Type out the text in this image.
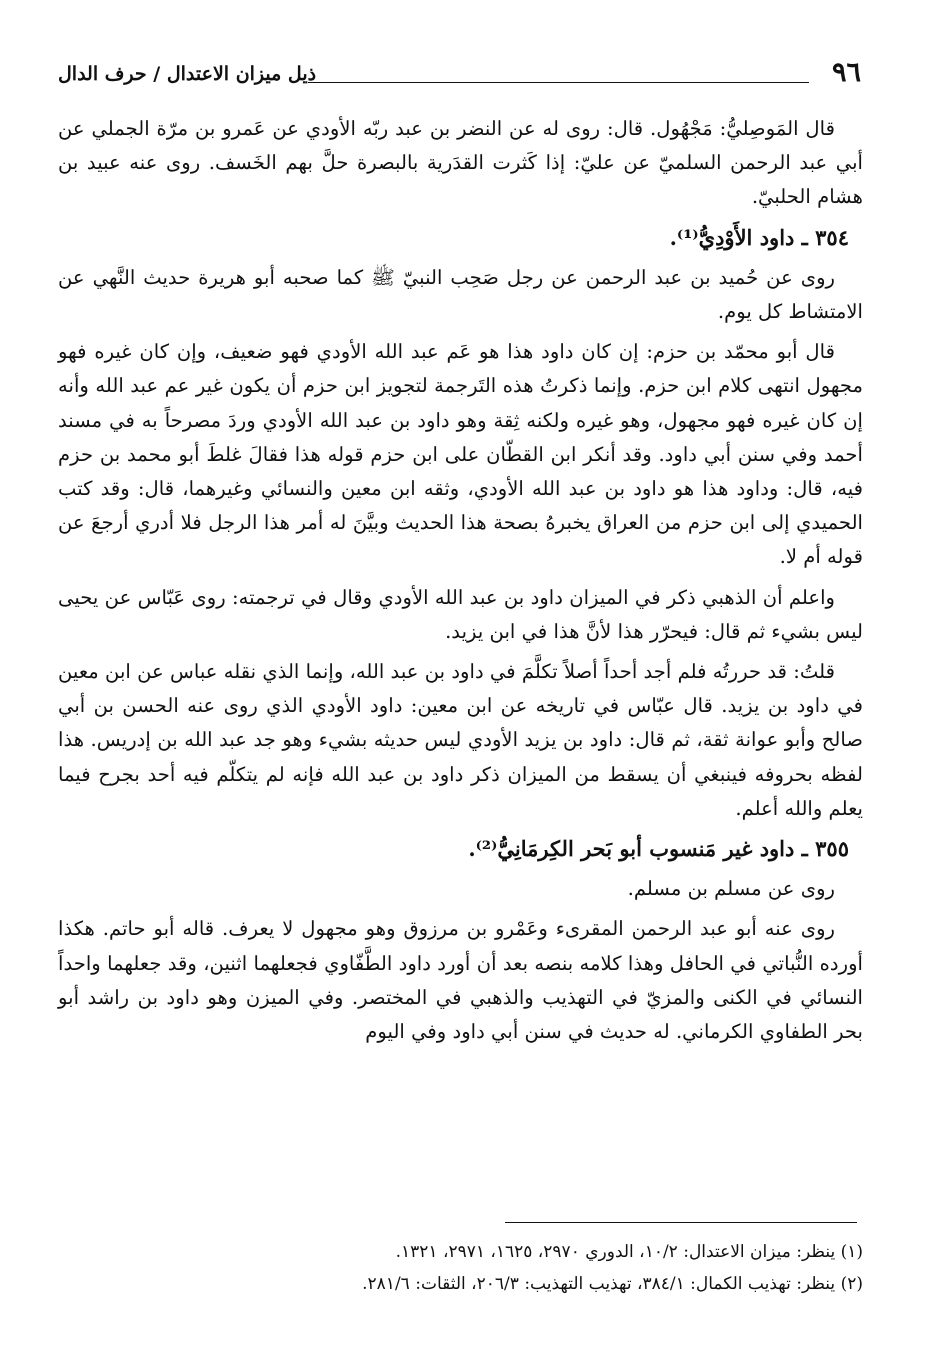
٩٦
ذيل ميزان الاعتدال / حرف الدال

قال المَوصِليُّ: مَجْهُول. قال: روى له عن النضر بن عبد ربّه الأودي عن عَمرو بن مرّة الجملي عن أبي عبد الرحمن السلميّ عن عليّ: إذا كَثرت القدَرية بالبصرة حلَّ بهم الخَسف. روى عنه عبيد بن هشام الحلبيّ.

٣٥٤ ـ داود الأَوْدِيُّ⁽¹⁾.

روى عن حُميد بن عبد الرحمن عن رجل صَحِب النبيّ ﷺ كما صحبه أبو هريرة حديث النَّهي عن الامتشاط كل يوم.

قال أبو محمّد بن حزم: إن كان داود هذا هو عَم عبد الله الأودي فهو ضعيف، وإن كان غيره فهو مجهول انتهى كلام ابن حزم. وإنما ذكرتُ هذه التَرجمة لتجويز ابن حزم أن يكون غير عم عبد الله وأنه إن كان غيره فهو مجهول، وهو غيره ولكنه ثِقة وهو داود بن عبد الله الأودي وردَ مصرحاً به في مسند أحمد وفي سنن أبي داود. وقد أنكر ابن القطّان على ابن حزم قوله هذا فقالَ غلطَ أبو محمد بن حزم فيه، قال: وداود هذا هو داود بن عبد الله الأودي، وثقه ابن معين والنسائي وغيرهما، قال: وقد كتب الحميدي إلى ابن حزم من العراق يخبرهُ بصحة هذا الحديث وبيَّنَ له أمر هذا الرجل فلا أدري أرجعَ عن قوله أم لا.

واعلم أن الذهبي ذكر في الميزان داود بن عبد الله الأودي وقال في ترجمته: روى عَبّاس عن يحيى ليس بشيء ثم قال: فيحرّر هذا لأنَّ هذا في ابن يزيد.

قلتُ: قد حررتُه فلم أجد أحداً أصلاً تكلَّمَ في داود بن عبد الله، وإنما الذي نقله عباس عن ابن معين في داود بن يزيد. قال عبّاس في تاريخه عن ابن معين: داود الأودي الذي روى عنه الحسن بن أبي صالح وأبو عوانة ثقة، ثم قال: داود بن يزيد الأودي ليس حديثه بشيء وهو جد عبد الله بن إدريس. هذا لفظه بحروفه فينبغي أن يسقط من الميزان ذكر داود بن عبد الله فإنه لم يتكلّم فيه أحد بجرح فيما يعلم والله أعلم.

٣٥٥ ـ داود غير مَنسوب أبو بَحر الكِرمَانِيُّ⁽²⁾.

روى عن مسلم بن مسلم.

روى عنه أبو عبد الرحمن المقرىء وعَمْرو بن مرزوق وهو مجهول لا يعرف. قاله أبو حاتم. هكذا أورده النُّباتي في الحافل وهذا كلامه بنصه بعد أن أورد داود الطَّفّاوي فجعلهما اثنين، وقد جعلهما واحداً النسائي في الكنى والمزيّ في التهذيب والذهبي في المختصر. وفي الميزن وهو داود بن راشد أبو بحر الطفاوي الكرماني. له حديث في سنن أبي داود وفي اليوم

(١) ينظر: ميزان الاعتدال: ١٠/٢، الدوري ٢٩٧٠، ١٦٢٥، ٢٩٧١، ١٣٢١.
(٢) ينظر: تهذيب الكمال: ٣٨٤/١، تهذيب التهذيب: ٢٠٦/٣، الثقات: ٢٨١/٦.
